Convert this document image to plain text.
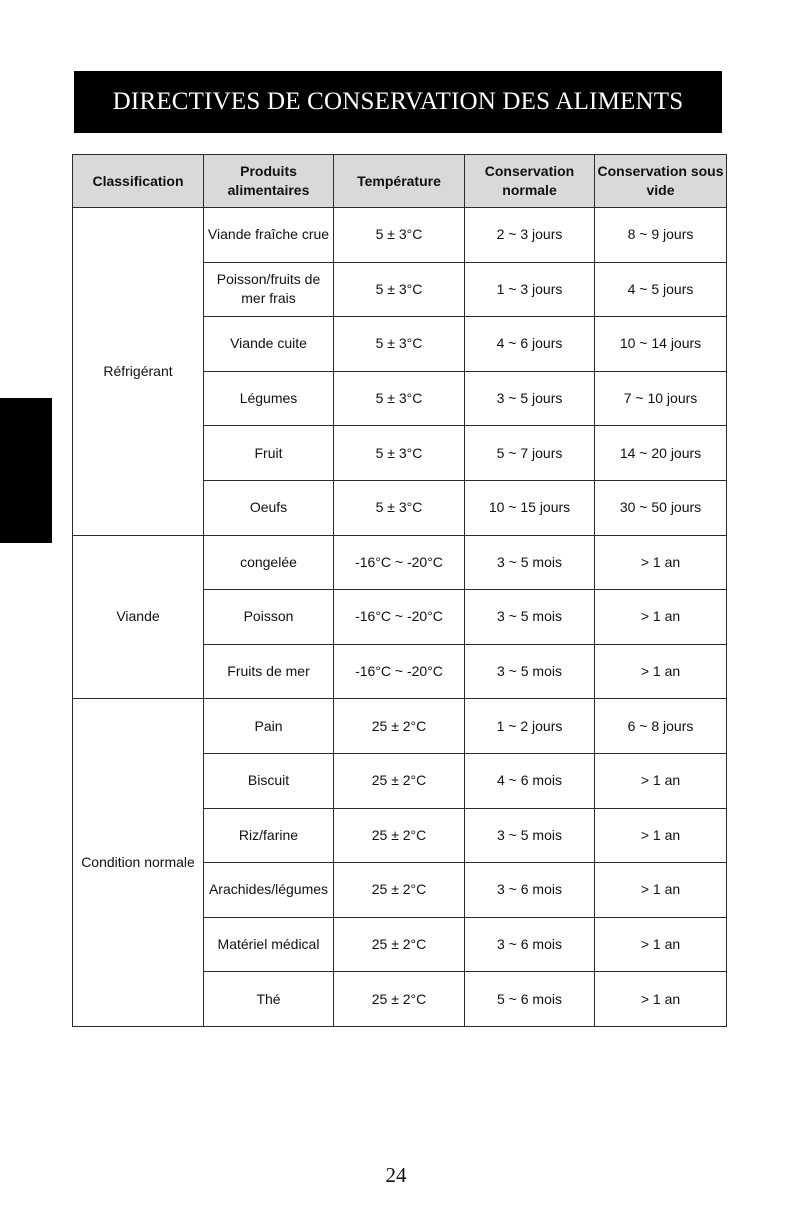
DIRECTIVES DE CONSERVATION DES ALIMENTS
Classification	Produits alimentaires	Température	Conservation normale	Conservation sous vide
Réfrigérant	Viande fraîche crue	5 ± 3°C	2 ~ 3 jours	8 ~ 9 jours
	Poisson/fruits de mer frais	5 ± 3°C	1 ~ 3 jours	4 ~ 5 jours
	Viande cuite	5 ± 3°C	4 ~ 6 jours	10 ~ 14 jours
	Légumes	5 ± 3°C	3 ~ 5 jours	7 ~ 10 jours
	Fruit	5 ± 3°C	5 ~ 7 jours	14 ~ 20 jours
	Oeufs	5 ± 3°C	10 ~ 15 jours	30 ~ 50 jours
Viande	congelée	-16°C ~ -20°C	3 ~ 5 mois	> 1 an
	Poisson	-16°C ~ -20°C	3 ~ 5 mois	> 1 an
	Fruits de mer	-16°C ~ -20°C	3 ~ 5 mois	> 1 an
Condition normale	Pain	25 ± 2°C	1 ~ 2 jours	6 ~ 8 jours
	Biscuit	25 ± 2°C	4 ~ 6 mois	> 1 an
	Riz/farine	25 ± 2°C	3 ~ 5 mois	> 1 an
	Arachides/légumes	25 ± 2°C	3 ~ 6 mois	> 1 an
	Matériel médical	25 ± 2°C	3 ~ 6 mois	> 1 an
	Thé	25 ± 2°C	5 ~ 6 mois	> 1 an
24
